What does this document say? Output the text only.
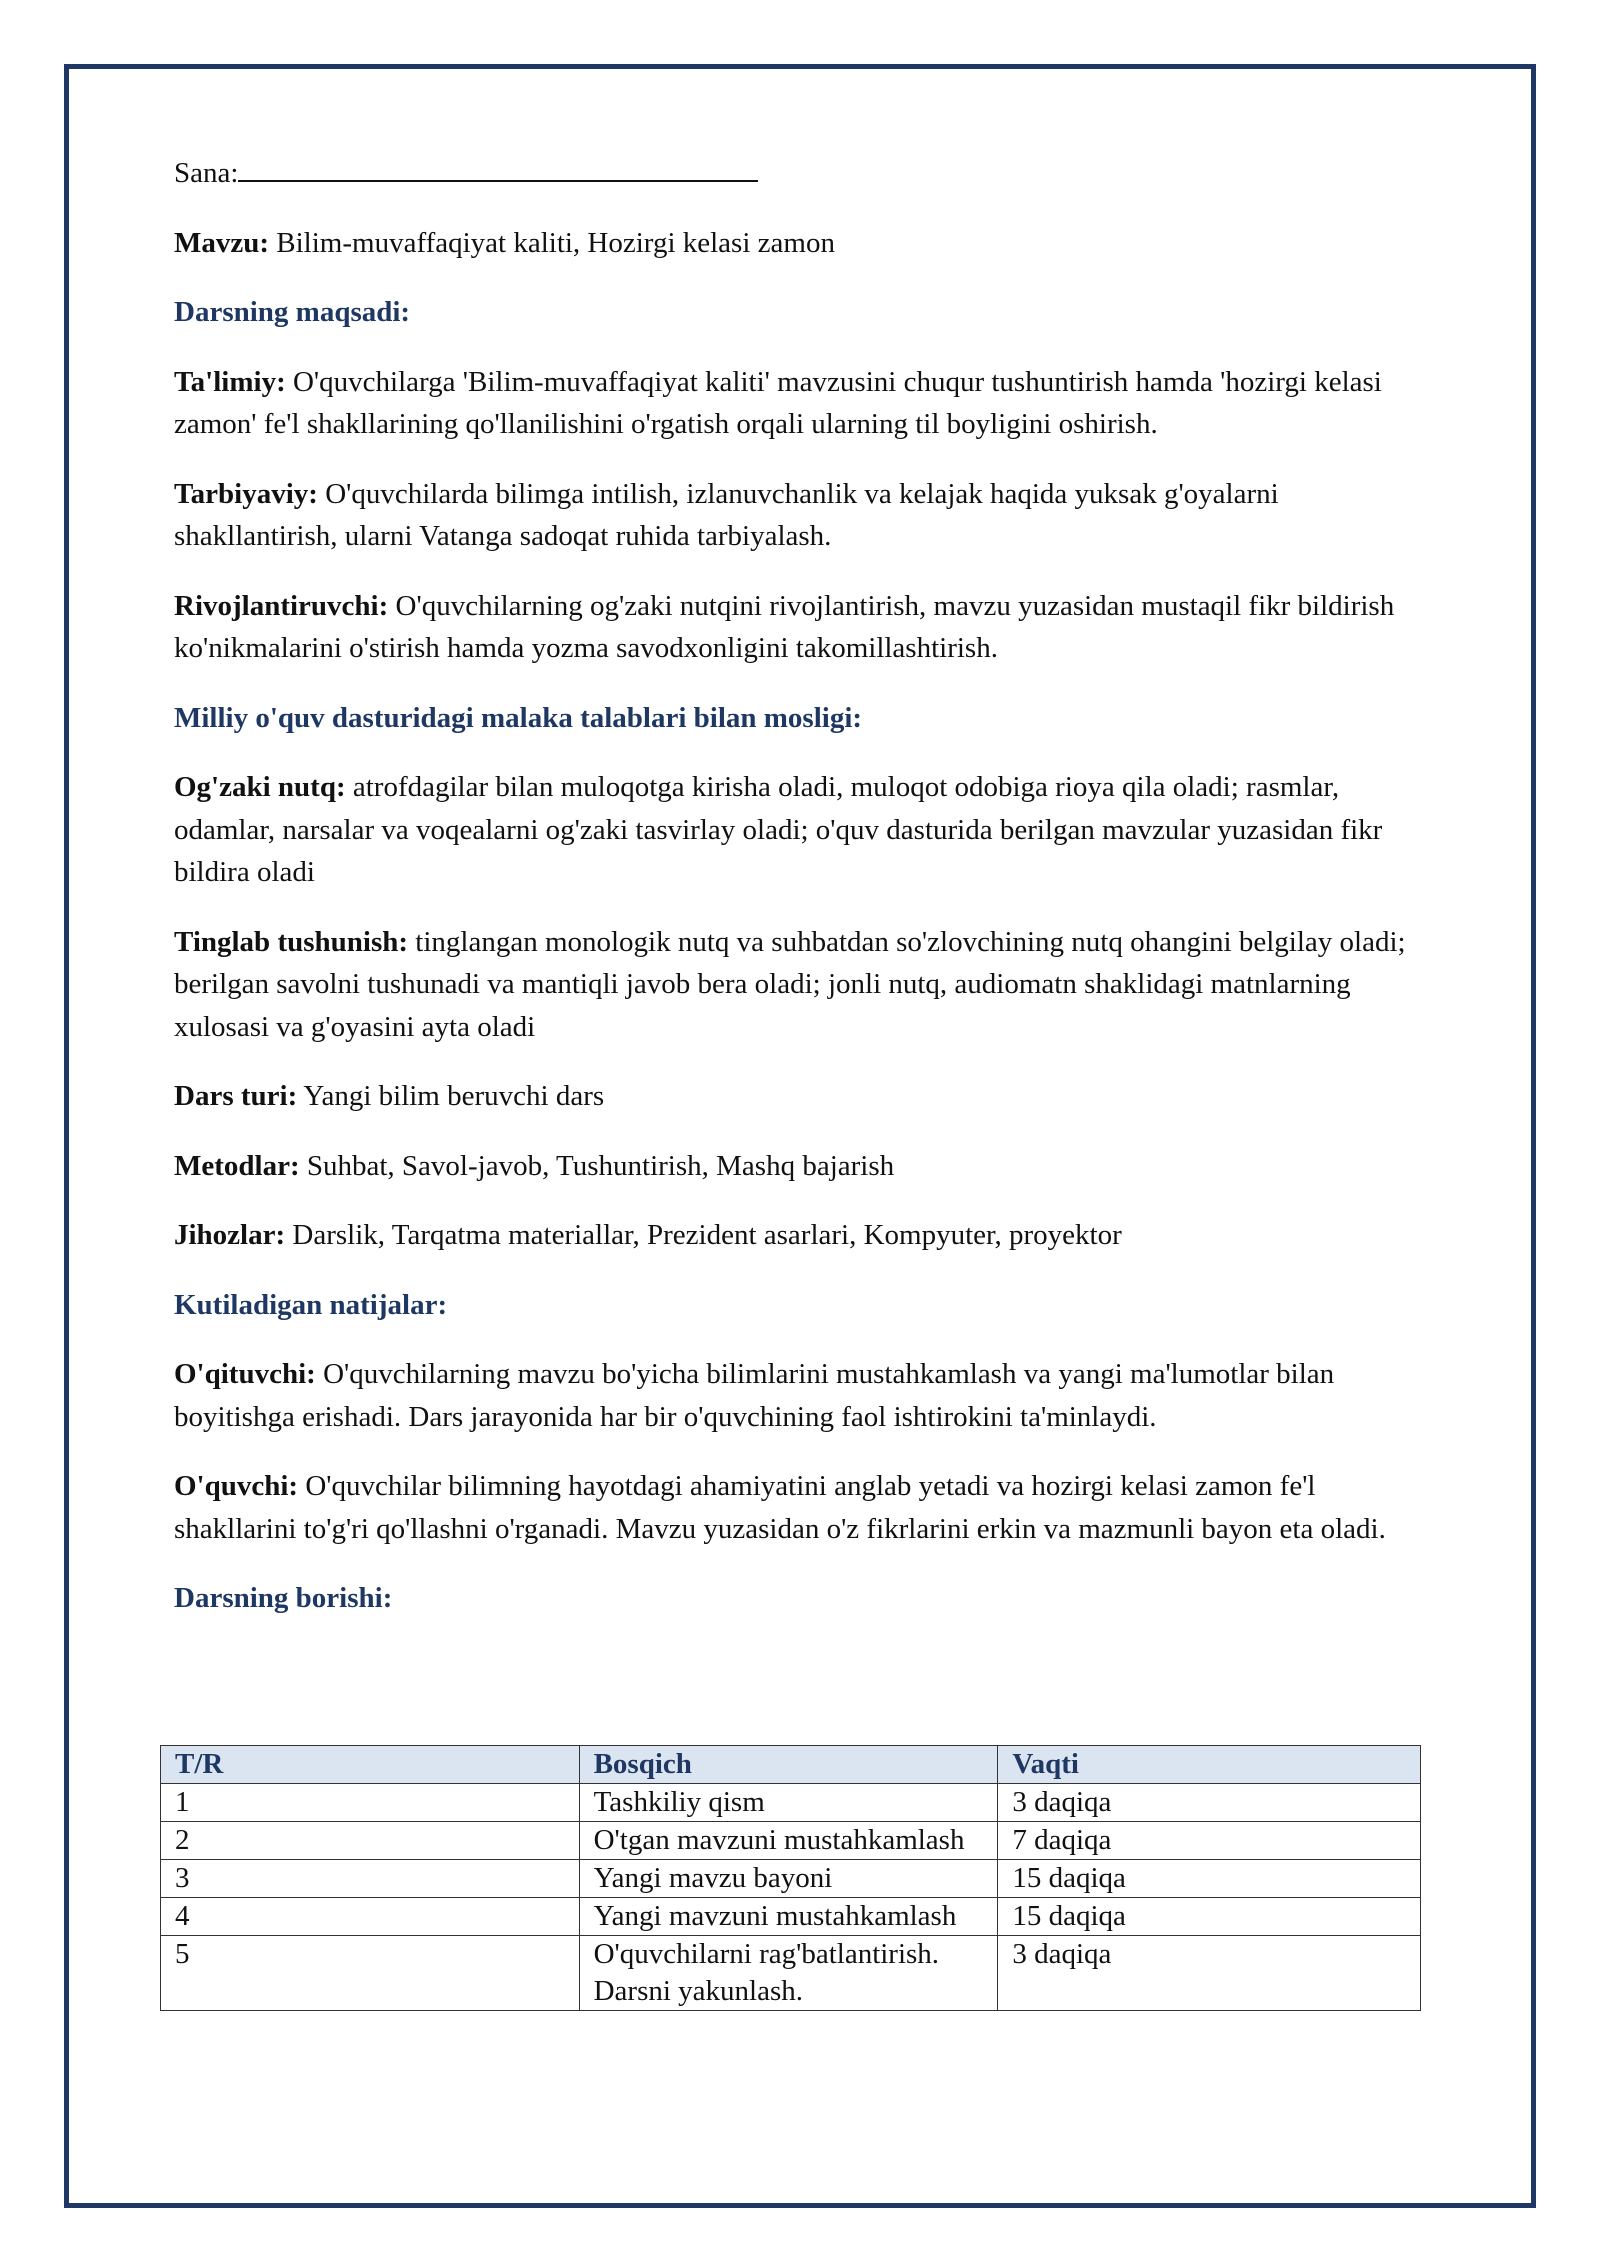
Sana:

Mavzu: Bilim-muvaffaqiyat kaliti, Hozirgi kelasi zamon

Darsning maqsadi:

Ta'limiy: O'quvchilarga 'Bilim-muvaffaqiyat kaliti' mavzusini chuqur tushuntirish hamda 'hozirgi kelasi zamon' fe'l shakllarining qo'llanilishini o'rgatish orqali ularning til boyligini oshirish.

Tarbiyaviy: O'quvchilarda bilimga intilish, izlanuvchanlik va kelajak haqida yuksak g'oyalarni shakllantirish, ularni Vatanga sadoqat ruhida tarbiyalash.

Rivojlantiruvchi: O'quvchilarning og'zaki nutqini rivojlantirish, mavzu yuzasidan mustaqil fikr bildirish ko'nikmalarini o'stirish hamda yozma savodxonligini takomillashtirish.

Milliy o'quv dasturidagi malaka talablari bilan mosligi:

Og'zaki nutq: atrofdagilar bilan muloqotga kirisha oladi, muloqot odobiga rioya qila oladi; rasmlar, odamlar, narsalar va voqealarni og'zaki tasvirlay oladi; o'quv dasturida berilgan mavzular yuzasidan fikr bildira oladi

Tinglab tushunish: tinglangan monologik nutq va suhbatdan so'zlovchining nutq ohangini belgilay oladi; berilgan savolni tushunadi va mantiqli javob bera oladi; jonli nutq, audiomatn shaklidagi matnlarning xulosasi va g'oyasini ayta oladi

Dars turi: Yangi bilim beruvchi dars

Metodlar: Suhbat, Savol-javob, Tushuntirish, Mashq bajarish

Jihozlar: Darslik, Tarqatma materiallar, Prezident asarlari, Kompyuter, proyektor

Kutiladigan natijalar:

O'qituvchi: O'quvchilarning mavzu bo'yicha bilimlarini mustahkamlash va yangi ma'lumotlar bilan boyitishga erishadi. Dars jarayonida har bir o'quvchining faol ishtirokini ta'minlaydi.

O'quvchi: O'quvchilar bilimning hayotdagi ahamiyatini anglab yetadi va hozirgi kelasi zamon fe'l shakllarini to'g'ri qo'llashni o'rganadi. Mavzu yuzasidan o'z fikrlarini erkin va mazmunli bayon eta oladi.

Darsning borishi:

T/R	Bosqich	Vaqti
1	Tashkiliy qism	3 daqiqa
2	O'tgan mavzuni mustahkamlash	7 daqiqa
3	Yangi mavzu bayoni	15 daqiqa
4	Yangi mavzuni mustahkamlash	15 daqiqa
5	O'quvchilarni rag'batlantirish. Darsni yakunlash.	3 daqiqa
